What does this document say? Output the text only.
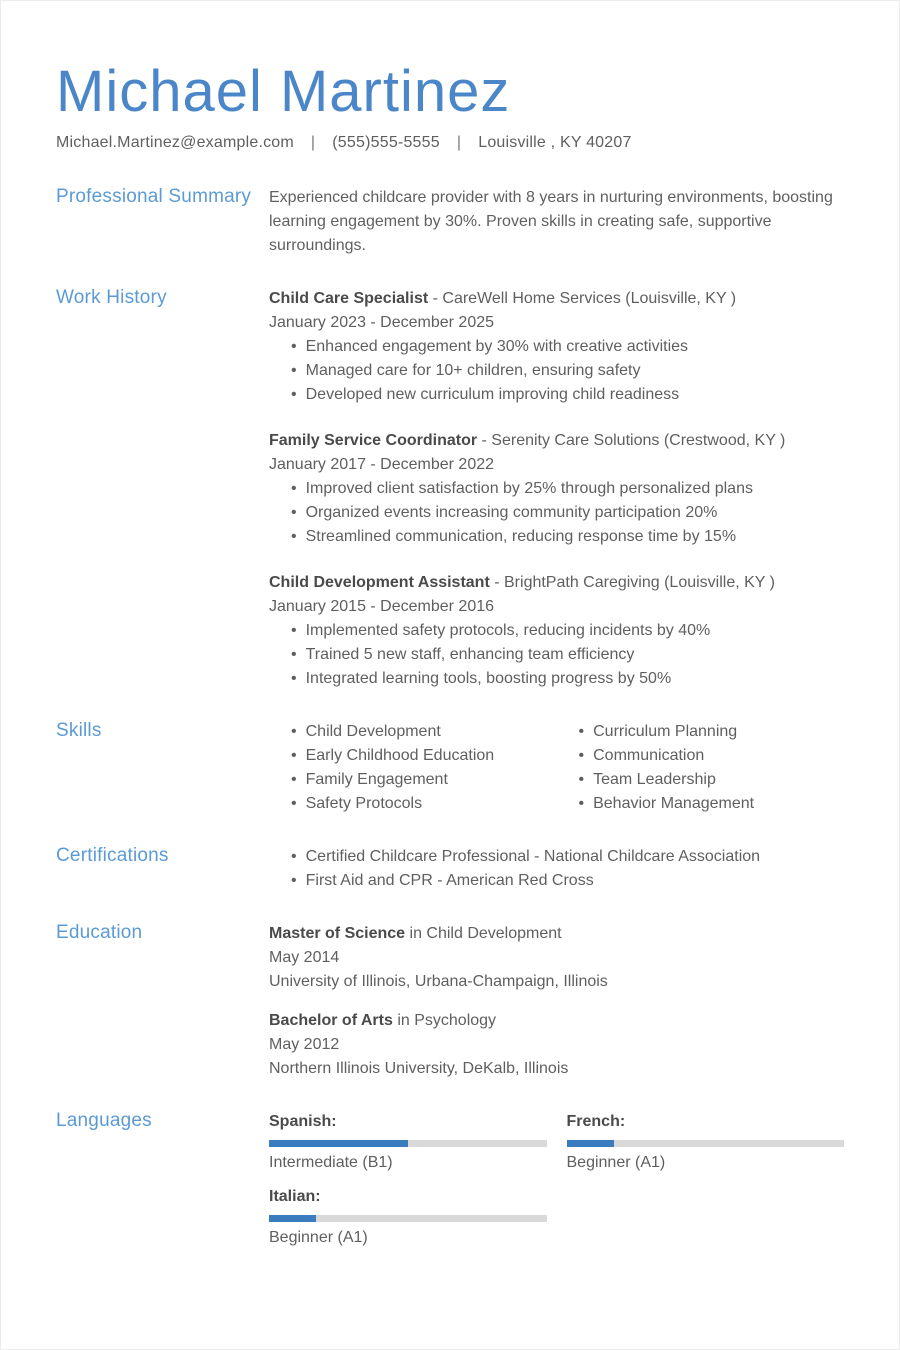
Michael Martinez
Michael.Martinez@example.com | (555)555-5555 | Louisville , KY 40207
Professional Summary	Experienced childcare provider with 8 years in nurturing environments, boosting learning engagement by 30%. Proven skills in creating safe, supportive surroundings.
Work History	Child Care Specialist - CareWell Home Services (Louisville, KY )
January 2023 - December 2025
• Enhanced engagement by 30% with creative activities
• Managed care for 10+ children, ensuring safety
• Developed new curriculum improving child readiness
Family Service Coordinator - Serenity Care Solutions (Crestwood, KY )
January 2017 - December 2022
• Improved client satisfaction by 25% through personalized plans
• Organized events increasing community participation 20%
• Streamlined communication, reducing response time by 15%
Child Development Assistant - BrightPath Caregiving (Louisville, KY )
January 2015 - December 2016
• Implemented safety protocols, reducing incidents by 40%
• Trained 5 new staff, enhancing team efficiency
• Integrated learning tools, boosting progress by 50%
Skills	• Child Development
• Early Childhood Education
• Family Engagement
• Safety Protocols
• Curriculum Planning
• Communication
• Team Leadership
• Behavior Management
Certifications	• Certified Childcare Professional - National Childcare Association
• First Aid and CPR - American Red Cross
Education	Master of Science in Child Development
May 2014
University of Illinois, Urbana-Champaign, Illinois
Bachelor of Arts in Psychology
May 2012
Northern Illinois University, DeKalb, Illinois
Languages	Spanish:
Intermediate (B1)
French:
Beginner (A1)
Italian:
Beginner (A1)
